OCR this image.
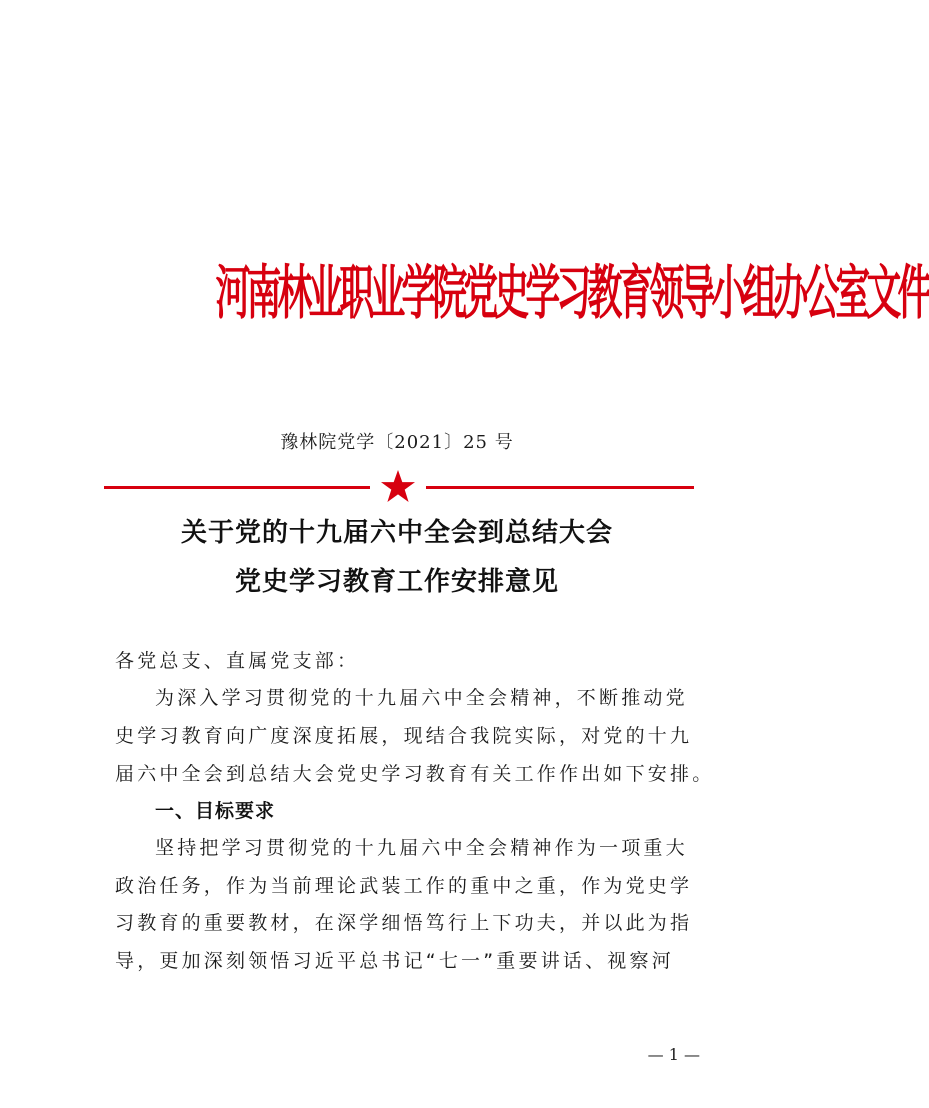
河南林业职业学院党史学习教育领导小组办公室文件
豫林院党学〔2021〕25 号
关于党的十九届六中全会到总结大会
党史学习教育工作安排意见
各党总支、直属党支部：
为深入学习贯彻党的十九届六中全会精神，不断推动党
史学习教育向广度深度拓展，现结合我院实际，对党的十九
届六中全会到总结大会党史学习教育有关工作作出如下安排。
一、目标要求
坚持把学习贯彻党的十九届六中全会精神作为一项重大
政治任务，作为当前理论武装工作的重中之重，作为党史学
习教育的重要教材，在深学细悟笃行上下功夫，并以此为指
导，更加深刻领悟习近平总书记“七一”重要讲话、视察河
— 1 —
